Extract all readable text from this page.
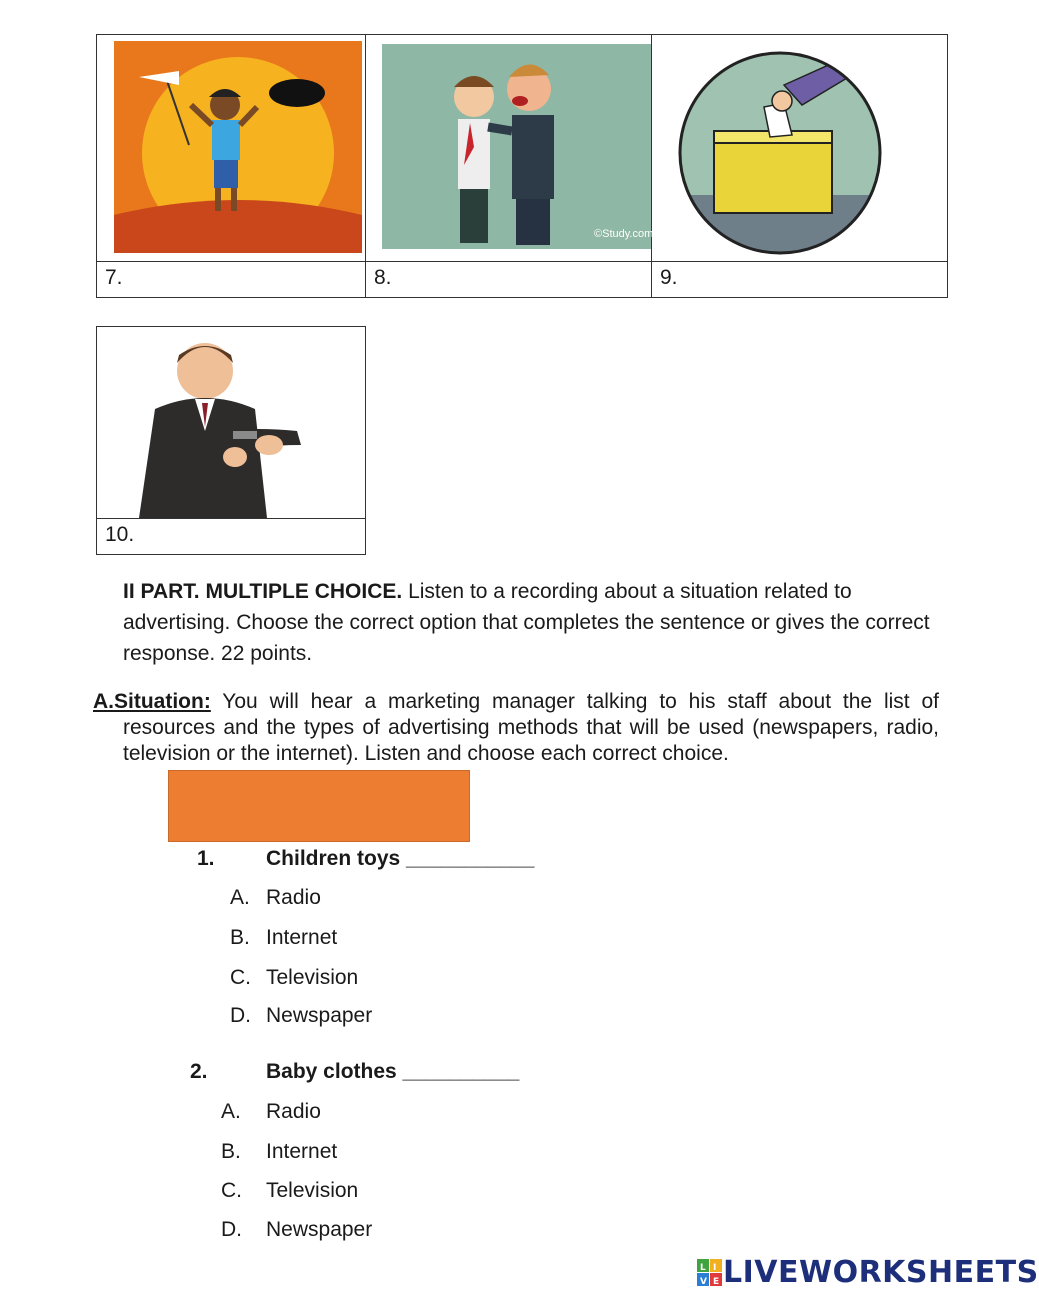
©Study.com

7.	8.	9.

10.
II PART. MULTIPLE CHOICE. Listen to a recording about a situation related to advertising. Choose the correct option that completes the sentence or gives the correct response. 22 points.
A.Situation: You will hear a marketing manager talking to his staff about the list of resources and the types of advertising methods that will be used (newspapers, radio, television or the internet). Listen and choose each correct choice.
1. Children toys ___________
A. Radio
B. Internet
C. Television
D. Newspaper
2.	Baby clothes __________
A. Radio
B. Internet
C. Television
D. Newspaper
L I
V E LIVEWORKSHEETS
